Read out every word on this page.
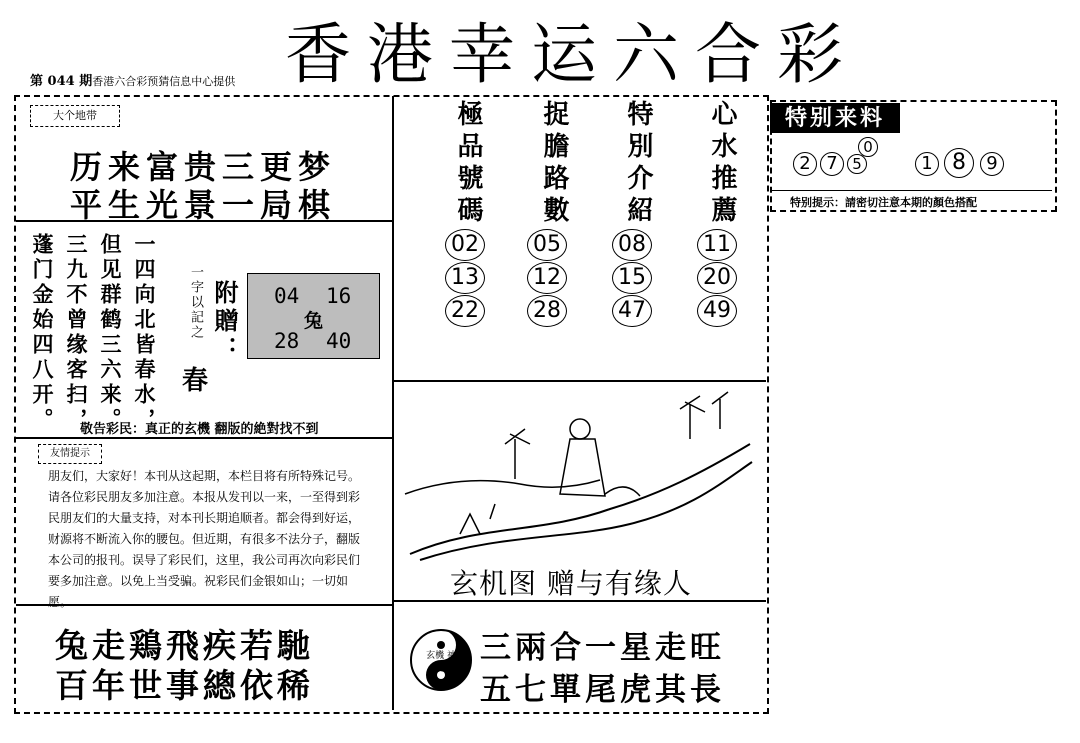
香港幸运六合彩
第 044 期香港六合彩预猜信息中心提供
大个地带
历来富贵三更梦
平生光景一局棋
蓬门金始四八开。 三九不曾缘客扫， 但见群鹤三六来。 一四向北皆春水， 一字以記之 附贈：
春
04 16
兔
28 40
敬告彩民：真正的玄機 翻版的絶對找不到
友情提示
朋友们，大家好！本刊从这起期，本栏目将有所特殊记号。请各位彩民朋友多加注意。本报从发刊以一来，一至得到彩民朋友们的大量支持，对本刊长期追顺者。都会得到好运，财源将不断流入你的腰包。但近期，有很多不法分子，翻版本公司的报刊。误导了彩民们，这里，我公司再次向彩民们要多加注意。以免上当受骗。祝彩民们金银如山；一切如愿。
兔走鶏飛疾若馳
百年世事總依稀
極品號碼 捉膽路數 特別介紹 心水推薦
02
13
22
05
12
28
08
15
47
11
20
49
玄机图 赠与有缘人
玄機 神祕
三兩合一星走旺
五七單尾虎其長
特别来料
2 7 5
0
1 8	9
特别提示：請密切注意本期的顏色搭配
